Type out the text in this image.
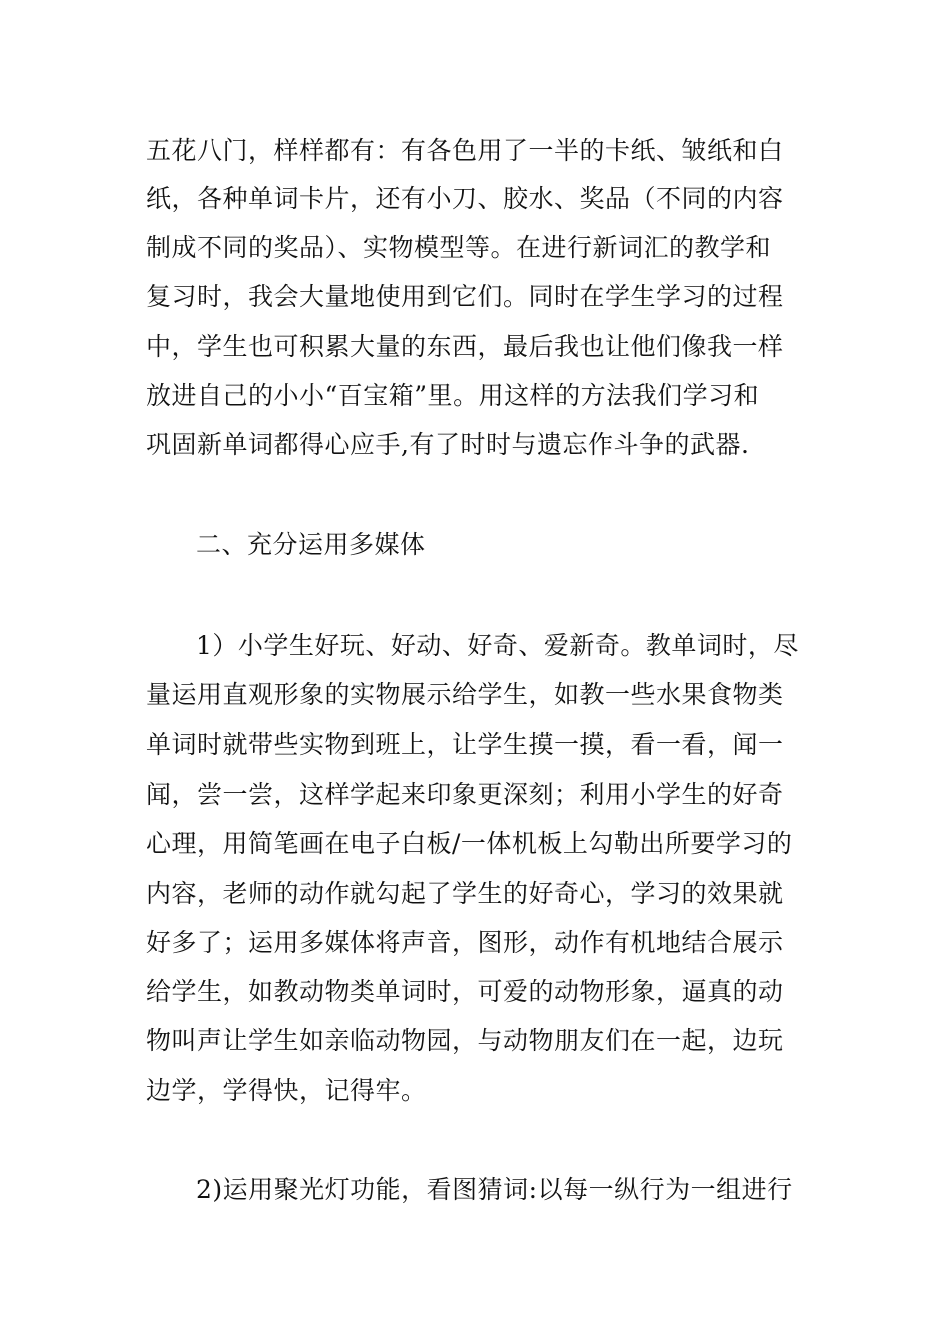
五花八门，样样都有：有各色用了一半的卡纸、皱纸和白
纸，各种单词卡片，还有小刀、胶水、奖品（不同的内容
制成不同的奖品）、实物模型等。在进行新词汇的教学和
复习时，我会大量地使用到它们。同时在学生学习的过程
中，学生也可积累大量的东西，最后我也让他们像我一样
放进自己的小小“百宝箱”里。用这样的方法我们学习和
巩固新单词都得心应手,有了时时与遗忘作斗争的武器.
二、充分运用多媒体
1）小学生好玩、好动、好奇、爱新奇。教单词时，尽
量运用直观形象的实物展示给学生，如教一些水果食物类
单词时就带些实物到班上，让学生摸一摸，看一看，闻一
闻，尝一尝，这样学起来印象更深刻；利用小学生的好奇
心理，用简笔画在电子白板/一体机板上勾勒出所要学习的
内容，老师的动作就勾起了学生的好奇心，学习的效果就
好多了；运用多媒体将声音，图形，动作有机地结合展示
给学生，如教动物类单词时，可爱的动物形象，逼真的动
物叫声让学生如亲临动物园，与动物朋友们在一起，边玩
边学，学得快，记得牢。
2)运用聚光灯功能，看图猜词:以每一纵行为一组进行
